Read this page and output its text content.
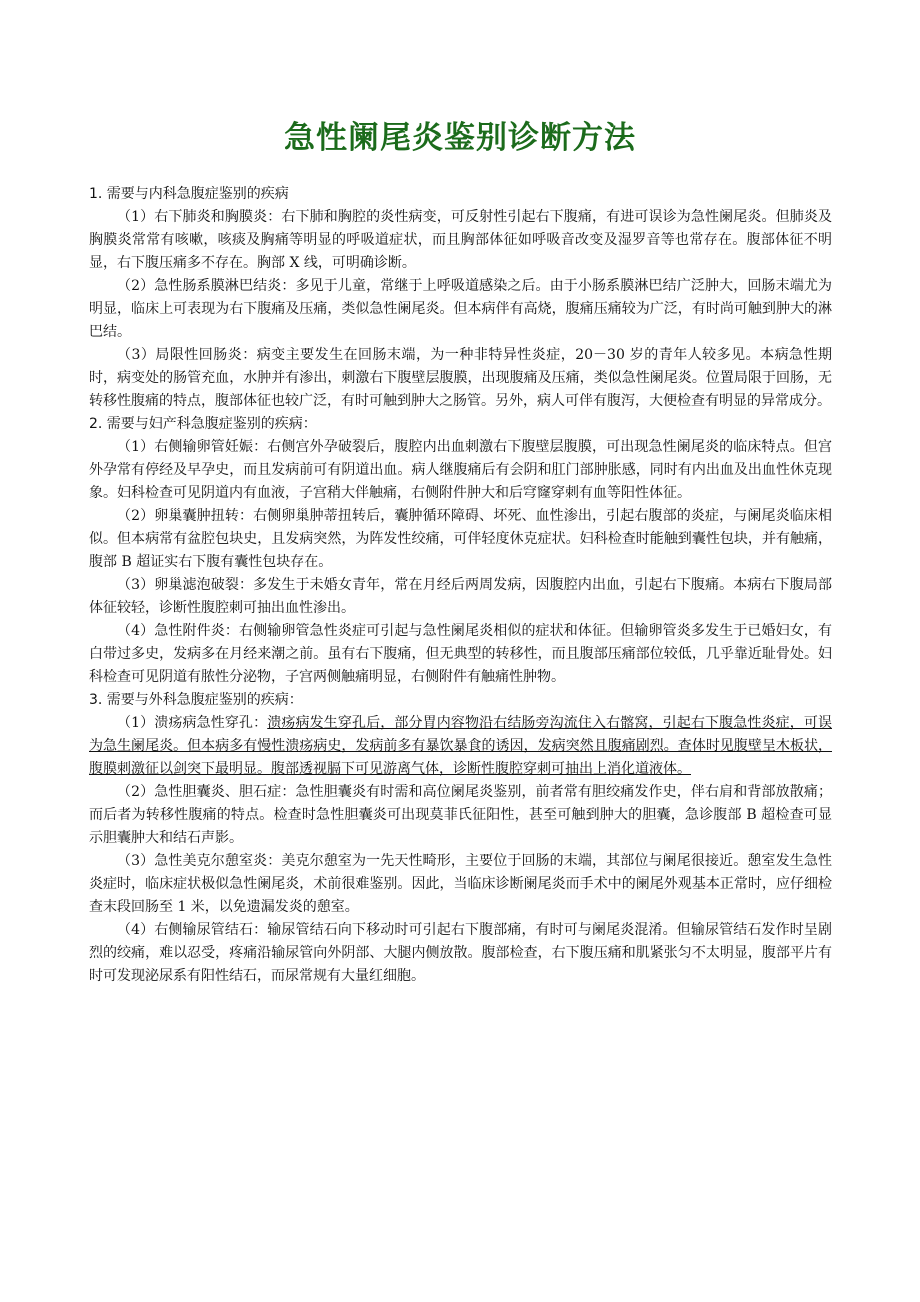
急性阑尾炎鉴别诊断方法

1. 需要与内科急腹症鉴别的疾病

（1）右下肺炎和胸膜炎：右下肺和胸腔的炎性病变，可反射性引起右下腹痛，有进可误诊为急性阑尾炎。但肺炎及胸膜炎常常有咳嗽，咳痰及胸痛等明显的呼吸道症状，而且胸部体征如呼吸音改变及湿罗音等也常存在。腹部体征不明显，右下腹压痛多不存在。胸部 X 线，可明确诊断。

（2）急性肠系膜淋巴结炎：多见于儿童，常继于上呼吸道感染之后。由于小肠系膜淋巴结广泛肿大，回肠末端尤为明显，临床上可表现为右下腹痛及压痛，类似急性阑尾炎。但本病伴有高烧，腹痛压痛较为广泛，有时尚可触到肿大的淋巴结。

（3）局限性回肠炎：病变主要发生在回肠末端，为一种非特异性炎症，20－30 岁的青年人较多见。本病急性期时，病变处的肠管充血，水肿并有渗出，刺激右下腹壁层腹膜，出现腹痛及压痛，类似急性阑尾炎。位置局限于回肠，无转移性腹痛的特点，腹部体征也较广泛，有时可触到肿大之肠管。另外，病人可伴有腹泻，大便检查有明显的异常成分。

2. 需要与妇产科急腹症鉴别的疾病：

（1）右侧输卵管妊娠：右侧宫外孕破裂后，腹腔内出血刺激右下腹壁层腹膜，可出现急性阑尾炎的临床特点。但宫外孕常有停经及早孕史，而且发病前可有阴道出血。病人继腹痛后有会阴和肛门部肿胀感，同时有内出血及出血性休克现象。妇科检查可见阴道内有血液，子宫稍大伴触痛，右侧附件肿大和后穹窿穿刺有血等阳性体征。

（2）卵巢囊肿扭转：右侧卵巢肿蒂扭转后，囊肿循环障碍、坏死、血性渗出，引起右腹部的炎症，与阑尾炎临床相似。但本病常有盆腔包块史，且发病突然，为阵发性绞痛，可伴轻度休克症状。妇科检查时能触到囊性包块，并有触痛，腹部 B 超证实右下腹有囊性包块存在。

（3）卵巢滤泡破裂：多发生于未婚女青年，常在月经后两周发病，因腹腔内出血，引起右下腹痛。本病右下腹局部体征较轻，诊断性腹腔刺可抽出血性渗出。

（4）急性附件炎：右侧输卵管急性炎症可引起与急性阑尾炎相似的症状和体征。但输卵管炎多发生于已婚妇女，有白带过多史，发病多在月经来潮之前。虽有右下腹痛，但无典型的转移性，而且腹部压痛部位较低，几乎靠近耻骨处。妇科检查可见阴道有脓性分泌物，子宫两侧触痛明显，右侧附件有触痛性肿物。

3. 需要与外科急腹症鉴别的疾病：

（1）溃疡病急性穿孔：溃疡病发生穿孔后，部分胃内容物沿右结肠旁沟流住入右髂窝，引起右下腹急性炎症，可误为急生阑尾炎。但本病多有慢性溃疡病史，发病前多有暴饮暴食的诱因，发病突然且腹痛剧烈。查体时见腹壁呈木板状，腹膜刺激征以剑突下最明显。腹部透视膈下可见游离气体，诊断性腹腔穿刺可抽出上消化道液体。

（2）急性胆囊炎、胆石症：急性胆囊炎有时需和高位阑尾炎鉴别，前者常有胆绞痛发作史，伴右肩和背部放散痛；而后者为转移性腹痛的特点。检查时急性胆囊炎可出现莫菲氏征阳性，甚至可触到肿大的胆囊，急诊腹部 B 超检查可显示胆囊肿大和结石声影。

（3）急性美克尔憩室炎：美克尔憩室为一先天性畸形，主要位于回肠的末端，其部位与阑尾很接近。憩室发生急性炎症时，临床症状极似急性阑尾炎，术前很难鉴别。因此，当临床诊断阑尾炎而手术中的阑尾外观基本正常时，应仔细检查末段回肠至 1 米，以免遗漏发炎的憩室。

（4）右侧输尿管结石：输尿管结石向下移动时可引起右下腹部痛，有时可与阑尾炎混淆。但输尿管结石发作时呈剧烈的绞痛，难以忍受，疼痛沿输尿管向外阴部、大腿内侧放散。腹部检查，右下腹压痛和肌紧张匀不太明显，腹部平片有时可发现泌尿系有阳性结石，而尿常规有大量红细胞。
